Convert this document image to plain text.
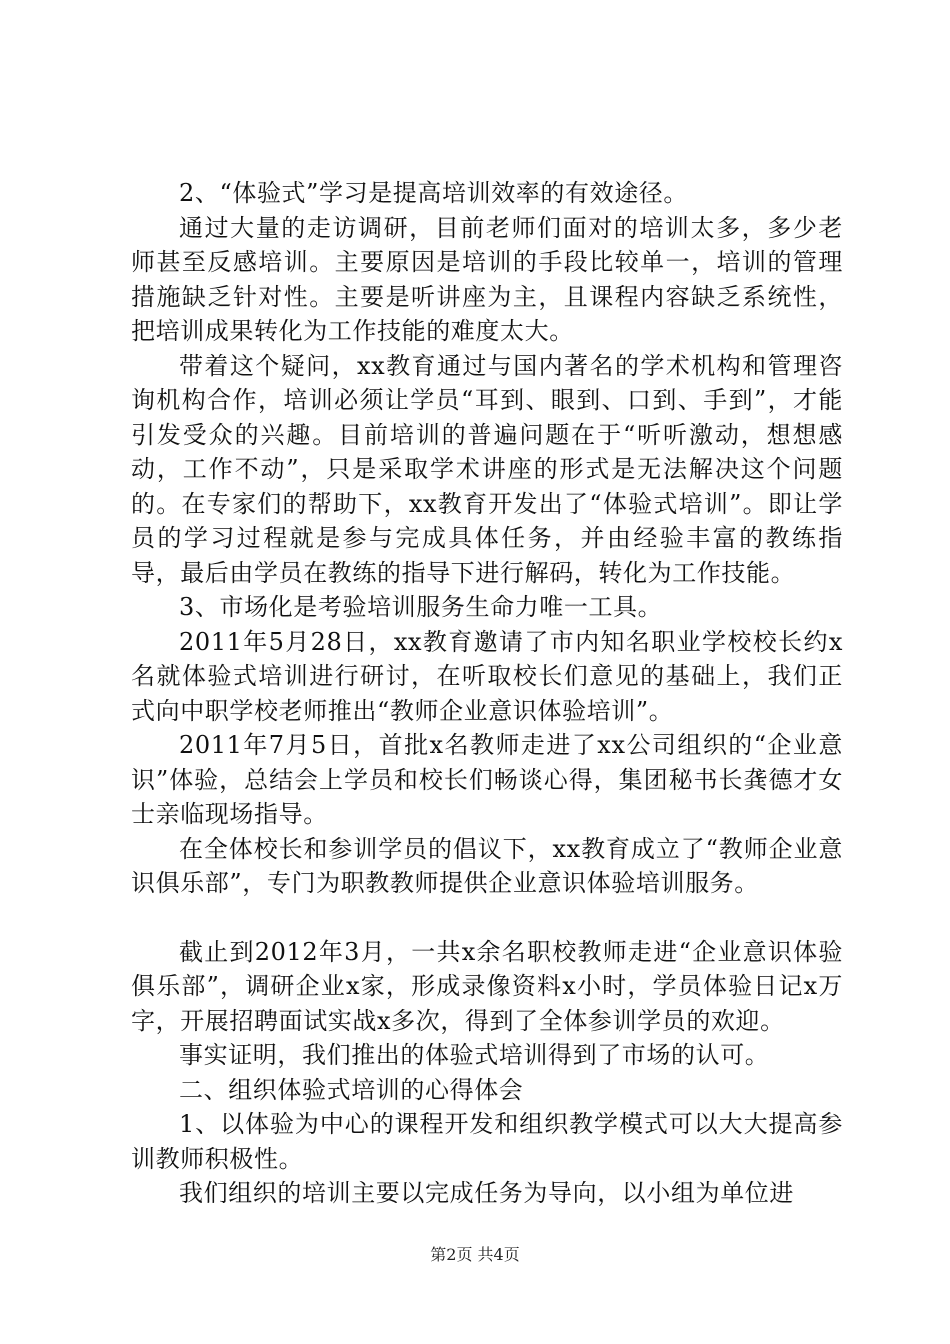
2、“体验式”学习是提高培训效率的有效途径。

通过大量的走访调研，目前老师们面对的培训太多，多少老师甚至反感培训。主要原因是培训的手段比较单一，培训的管理措施缺乏针对性。主要是听讲座为主，且课程内容缺乏系统性，把培训成果转化为工作技能的难度太大。

带着这个疑问，xx教育通过与国内著名的学术机构和管理咨询机构合作，培训必须让学员“耳到、眼到、口到、手到”，才能引发受众的兴趣。目前培训的普遍问题在于“听听激动，想想感动，工作不动”，只是采取学术讲座的形式是无法解决这个问题的。在专家们的帮助下，xx教育开发出了“体验式培训”。即让学员的学习过程就是参与完成具体任务，并由经验丰富的教练指导，最后由学员在教练的指导下进行解码，转化为工作技能。

3、市场化是考验培训服务生命力唯一工具。

2011年5月28日，xx教育邀请了市内知名职业学校校长约x名就体验式培训进行研讨，在听取校长们意见的基础上，我们正式向中职学校老师推出“教师企业意识体验培训”。

2011年7月5日，首批x名教师走进了xx公司组织的“企业意识”体验，总结会上学员和校长们畅谈心得，集团秘书长龚德才女士亲临现场指导。

在全体校长和参训学员的倡议下，xx教育成立了“教师企业意识俱乐部”，专门为职教教师提供企业意识体验培训服务。

截止到2012年3月，一共x余名职校教师走进“企业意识体验俱乐部”，调研企业x家，形成录像资料x小时，学员体验日记x万字，开展招聘面试实战x多次，得到了全体参训学员的欢迎。

事实证明，我们推出的体验式培训得到了市场的认可。

二、组织体验式培训的心得体会

1、以体验为中心的课程开发和组织教学模式可以大大提高参训教师积极性。

我们组织的培训主要以完成任务为导向，以小组为单位进

第2页 共4页
